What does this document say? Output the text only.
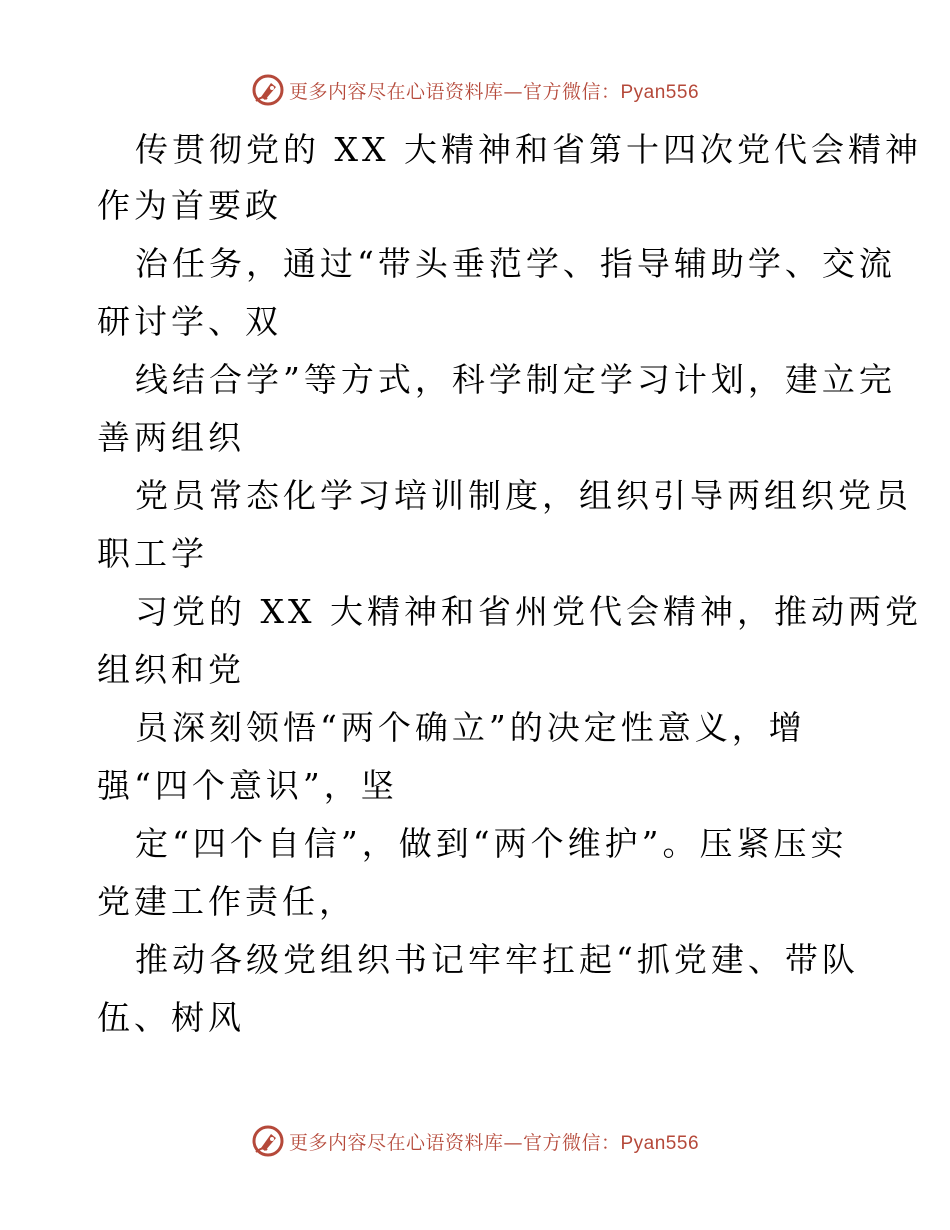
更多内容尽在心语资料库—官方微信：Pyan556
传贯彻党的 XX 大精神和省第十四次党代会精神
作为首要政
治任务，通过“带头垂范学、指导辅助学、交流
研讨学、双
线结合学”等方式，科学制定学习计划，建立完
善两组织
党员常态化学习培训制度，组织引导两组织党员
职工学
习党的 XX 大精神和省州党代会精神，推动两党
组织和党
员深刻领悟“两个确立”的决定性意义，增
强“四个意识”，坚
定“四个自信”，做到“两个维护”。压紧压实
党建工作责任，
推动各级党组织书记牢牢扛起“抓党建、带队
伍、树风
更多内容尽在心语资料库—官方微信：Pyan556
